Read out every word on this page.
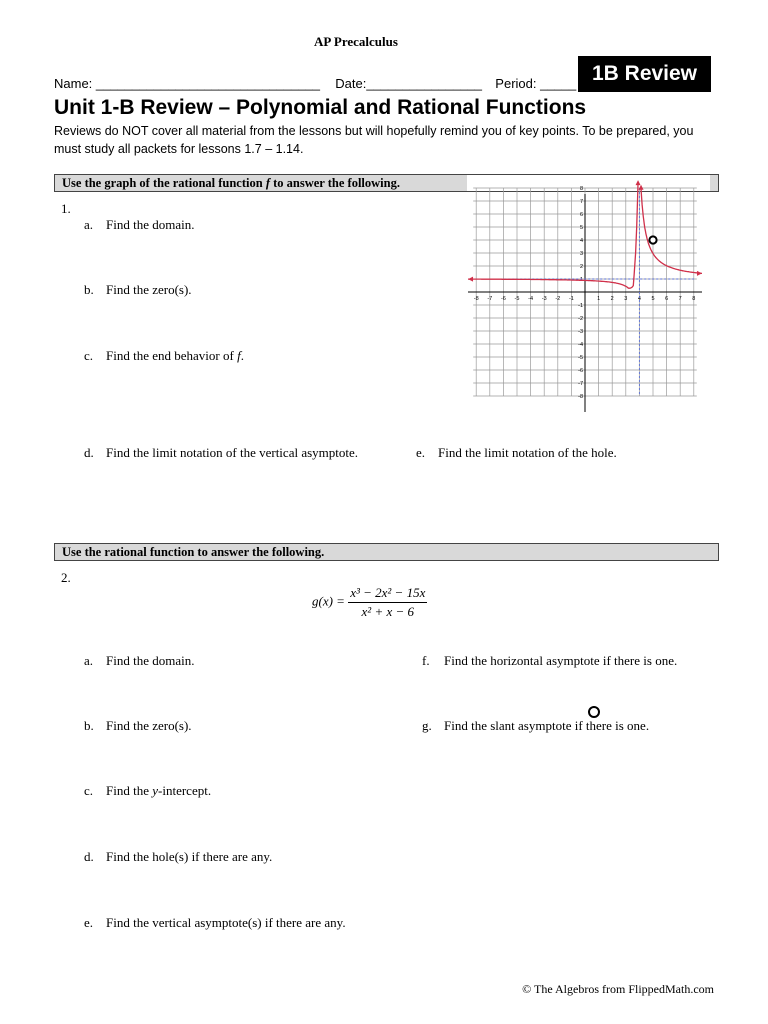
AP Precalculus
Name: _______________________________ Date:________________ Period: _____ 1B Review
Unit 1-B Review – Polynomial and Rational Functions
Reviews do NOT cover all material from the lessons but will hopefully remind you of key points. To be prepared, you must study all packets for lessons 1.7 – 1.14.
Use the graph of the rational function f to answer the following.
1.
a. Find the domain.
b. Find the zero(s).
c. Find the end behavior of f.
d. Find the limit notation of the vertical asymptote.	e. Find the limit notation of the hole.
-8 -7 -6 -5 -4 -3 -2 -1	1 2 3 4 5 6 7 8
8
7
6
5
4
3
2
1
-1
-2
-3
-4
-5
-6
-7
-8
Use the rational function to answer the following.
2.
$g(x) = \frac{\text{x³ − 2x² − 15x}}{\text{x² + x − 6}}$
a. Find the domain.
b. Find the zero(s).
c. Find the y-intercept.
d. Find the hole(s) if there are any.
e. Find the vertical asymptote(s) if there are any.
f. Find the horizontal asymptote if there is one.
g. Find the slant asymptote if there is one.
© The Algebros from FlippedMath.com
